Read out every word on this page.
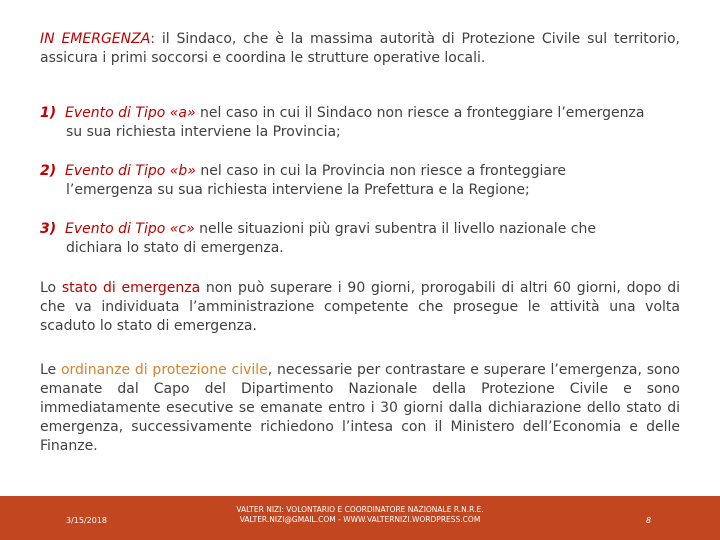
IN EMERGENZA: il Sindaco, che è la massima autorità di Protezione Civile sul territorio, assicura i primi soccorsi e coordina le strutture operative locali.
1) Evento di Tipo «a» nel caso in cui il Sindaco non riesce a fronteggiare l’emergenza
su sua richiesta interviene la Provincia;
2) Evento di Tipo «b» nel caso in cui la Provincia non riesce a fronteggiare
l’emergenza su sua richiesta interviene la Prefettura e la Regione;
3) Evento di Tipo «c» nelle situazioni più gravi subentra il livello nazionale che
dichiara lo stato di emergenza.
Lo stato di emergenza non può superare i 90 giorni, prorogabili di altri 60 giorni, dopo di che va individuata l’amministrazione competente che prosegue le attività una volta scaduto lo stato di emergenza.
Le ordinanze di protezione civile, necessarie per contrastare e superare l’emergenza, sono emanate dal Capo del Dipartimento Nazionale della Protezione Civile e sono immediatamente esecutive se emanate entro i 30 giorni dalla dichiarazione dello stato di emergenza, successivamente richiedono l’intesa con il Ministero dell’Economia e delle Finanze.
3/15/2018
VALTER NIZI: VOLONTARIO E COORDINATORE NAZIONALE R.N.R.E.
VALTER.NIZI@GMAIL.COM - WWW.VALTERNIZI.WORDPRESS.COM	8
